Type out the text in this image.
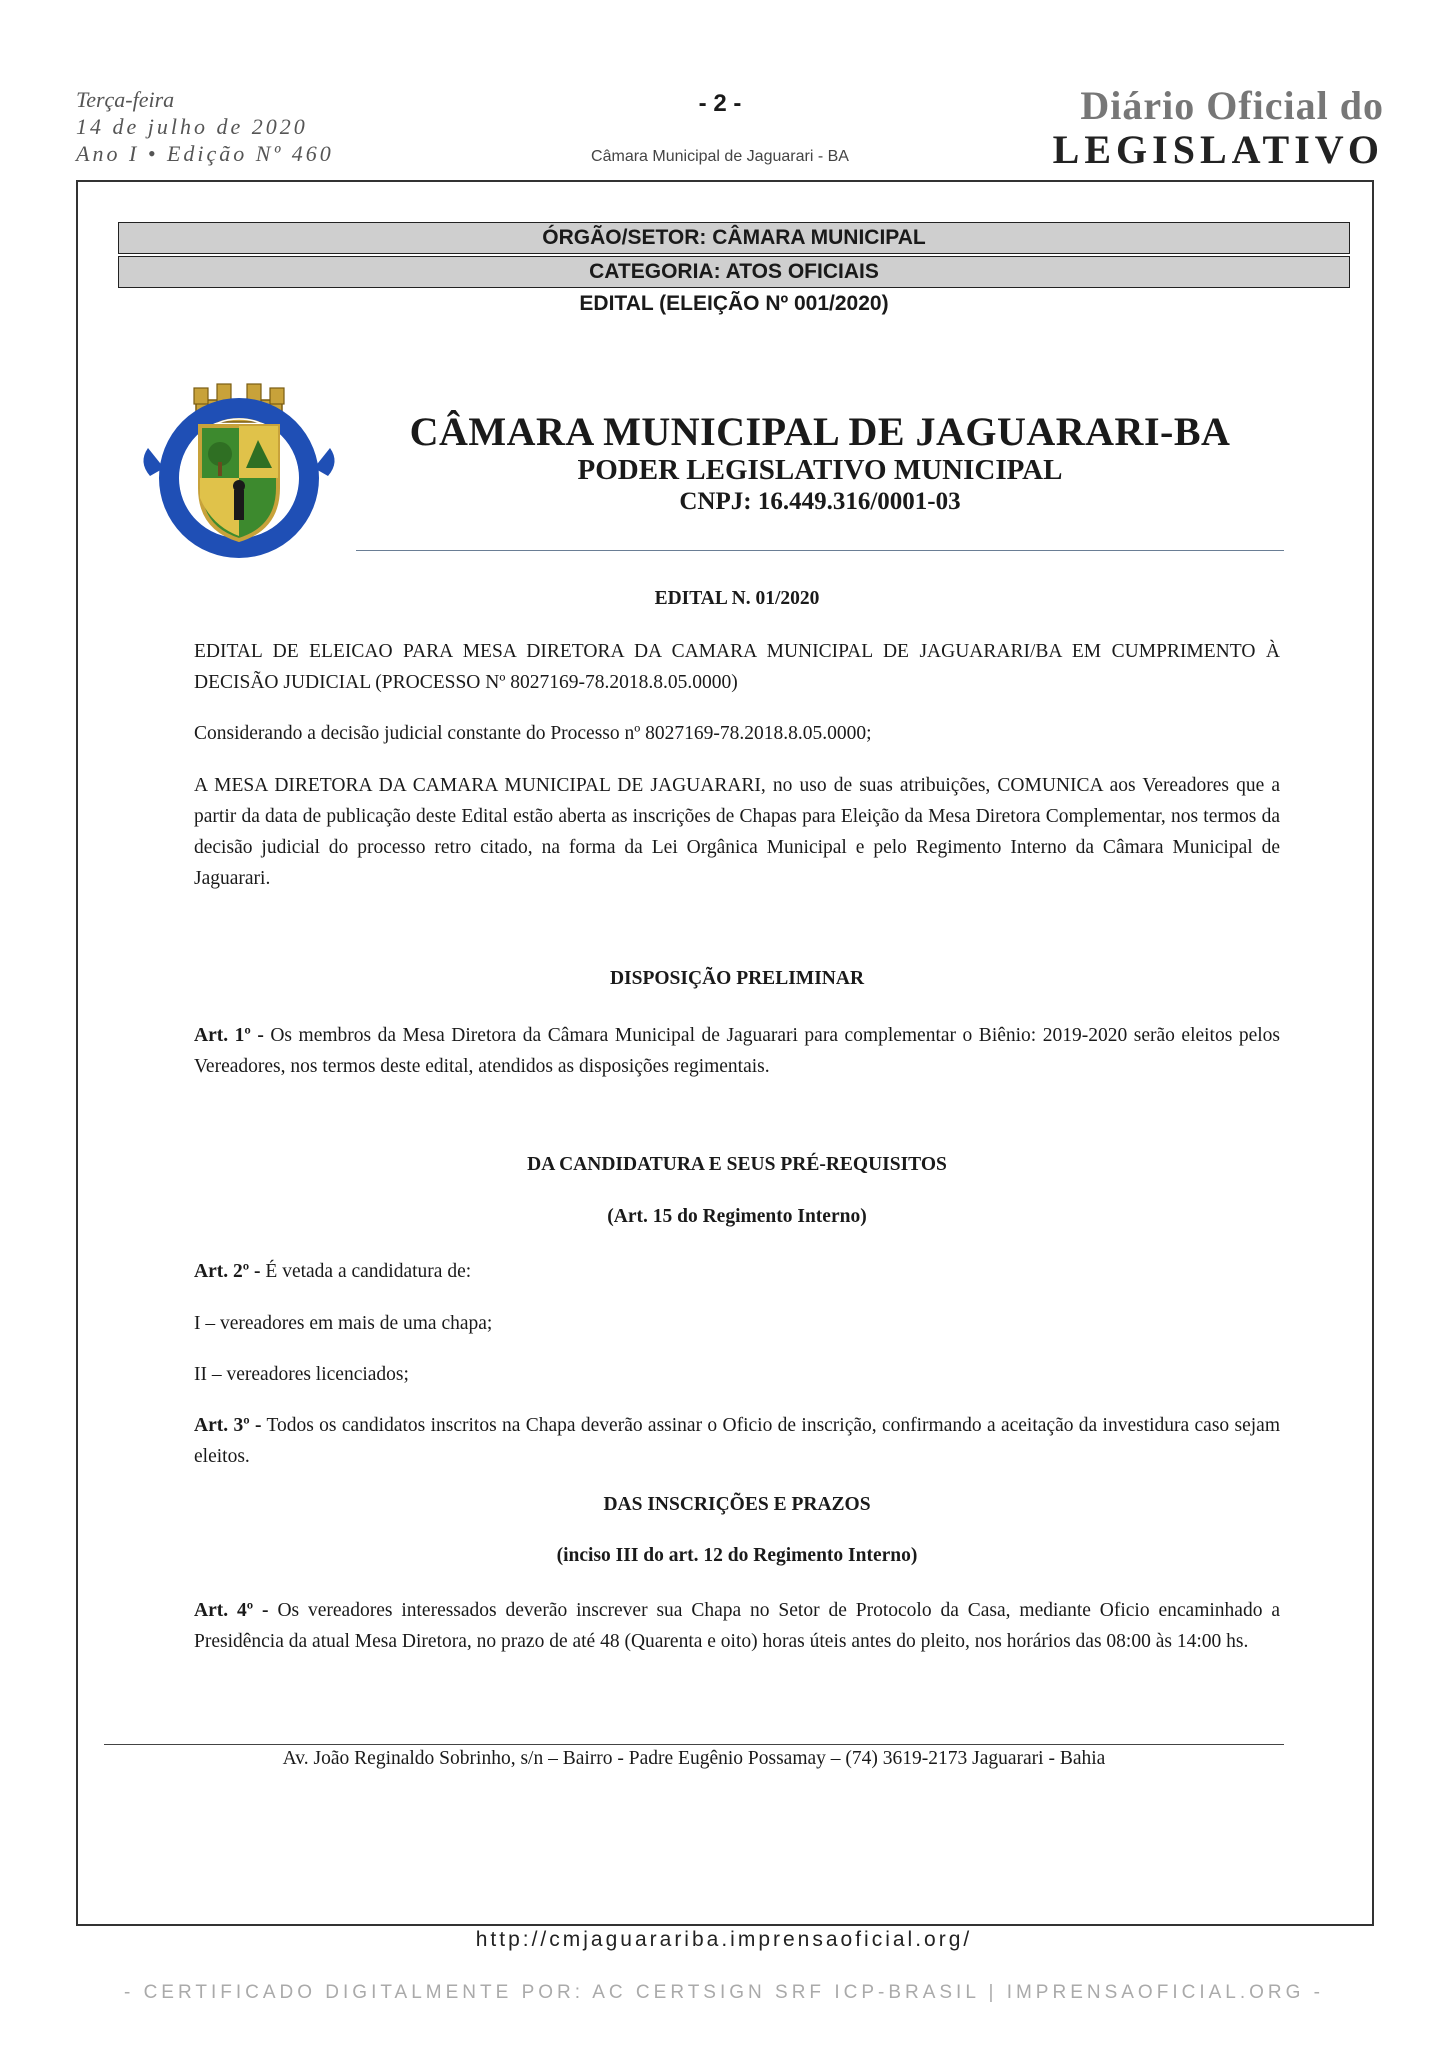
Terça-feira
14 de julho de 2020
Ano I • Edição Nº 460
- 2 -
Câmara Municipal de Jaguarari - BA
Diário Oficial do
LEGISLATIVO
ÓRGÃO/SETOR: CÂMARA MUNICIPAL
CATEGORIA: ATOS OFICIAIS
EDITAL (ELEIÇÃO Nº 001/2020)
CÂMARA MUNICIPAL DE JAGUARARI-BA
PODER LEGISLATIVO MUNICIPAL
CNPJ: 16.449.316/0001-03
EDITAL N. 01/2020
EDITAL DE ELEICAO PARA MESA DIRETORA DA CAMARA MUNICIPAL DE JAGUARARI/BA EM CUMPRIMENTO À DECISÃO JUDICIAL (PROCESSO Nº 8027169-78.2018.8.05.0000)
Considerando a decisão judicial constante do Processo nº 8027169-78.2018.8.05.0000;
A MESA DIRETORA DA CAMARA MUNICIPAL DE JAGUARARI, no uso de suas atribuições, COMUNICA aos Vereadores que a partir da data de publicação deste Edital estão aberta as inscrições de Chapas para Eleição da Mesa Diretora Complementar, nos termos da decisão judicial do processo retro citado, na forma da Lei Orgânica Municipal e pelo Regimento Interno da Câmara Municipal de Jaguarari.
DISPOSIÇÃO PRELIMINAR
Art. 1º - Os membros da Mesa Diretora da Câmara Municipal de Jaguarari para complementar o Biênio: 2019-2020 serão eleitos pelos Vereadores, nos termos deste edital, atendidos as disposições regimentais.
DA CANDIDATURA E SEUS PRÉ-REQUISITOS
(Art. 15 do Regimento Interno)
Art. 2º - É vetada a candidatura de:
I – vereadores em mais de uma chapa;
II – vereadores licenciados;
Art. 3º - Todos os candidatos inscritos na Chapa deverão assinar o Oficio de inscrição, confirmando a aceitação da investidura caso sejam eleitos.
DAS INSCRIÇÕES E PRAZOS
(inciso III do art. 12 do Regimento Interno)
Art. 4º - Os vereadores interessados deverão inscrever sua Chapa no Setor de Protocolo da Casa, mediante Oficio encaminhado a Presidência da atual Mesa Diretora, no prazo de até 48 (Quarenta e oito) horas úteis antes do pleito, nos horários das 08:00 às 14:00 hs.
Av. João Reginaldo Sobrinho, s/n – Bairro - Padre Eugênio Possamay – (74) 3619-2173 Jaguarari - Bahia
http://cmjaguarariba.imprensaoficial.org/
- CERTIFICADO DIGITALMENTE POR: AC CERTSIGN SRF ICP-BRASIL | IMPRENSAOFICIAL.ORG -
